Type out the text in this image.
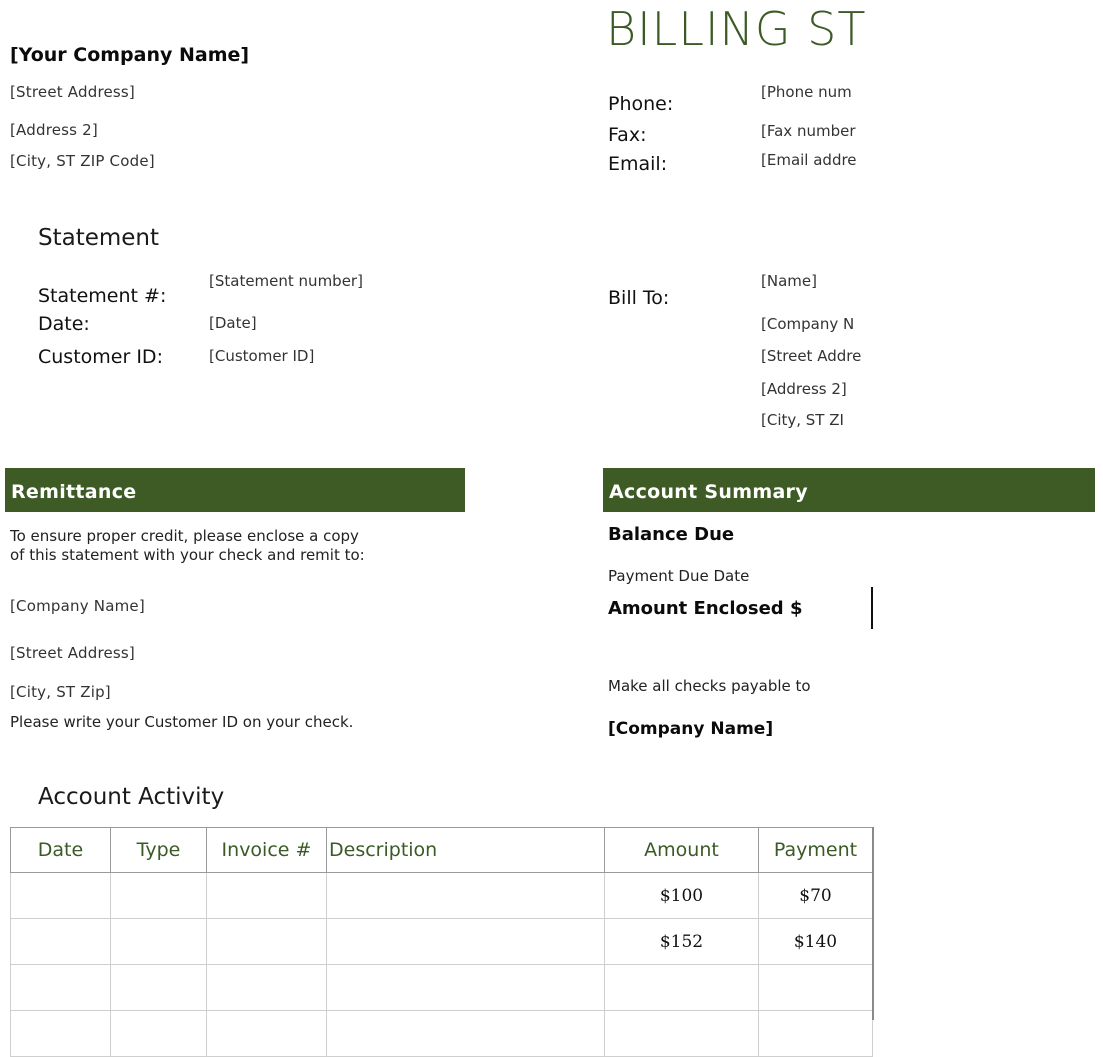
[Your Company Name]
[Street Address]
[Address 2]
[City, ST ZIP Code]
BILLING ST
Phone:
[Phone num
Fax:	[Fax number
Email:	[Email addre
Statement
Statement #:
[Statement number]
Date:	[Date]
Customer ID:	[Customer ID]
Bill To:
[Name]
[Company N
[Street Addre
[Address 2]
[City, ST ZI
Remittance
To ensure proper credit, please enclose a copy
of this statement with your check and remit to:
[Company Name]
[Street Address]
[City, ST Zip]
Please write your Customer ID on your check.
Account Summary
Balance Due
Payment Due Date
Amount Enclosed $
Make all checks payable to
[Company Name]
Account Activity
Date	Type	Invoice #	Description	Amount	Payment
				$100	$70
				$152	$140
